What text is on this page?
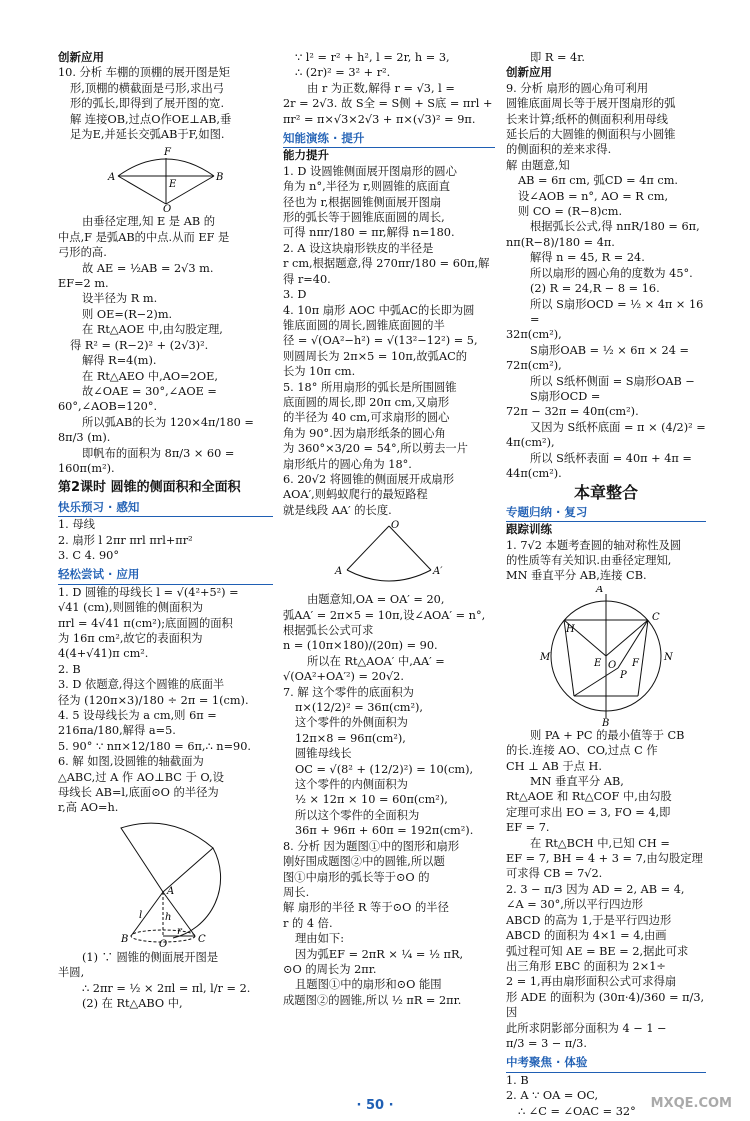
创新应用

10. 分析 车棚的顶棚的展开图是矩

形,顶棚的横截面是弓形,求出弓

形的弧长,即得到了展开图的宽.

解 连接OB,过点O作OE⊥AB,垂

足为E,并延长交弧AB于F,如图.

F
A
E
B
O

由垂径定理,知 E 是 AB 的

中点,F 是弧AB的中点.从而 EF 是

弓形的高.

故 AE = ½AB = 2√3 m.

EF=2 m.

设半径为 R m.

则 OE=(R−2)m.

在 Rt△AOE 中,由勾股定理,

得 R² = (R−2)² + (2√3)².

解得 R=4(m).

在 Rt△AEO 中,AO=2OE,

故∠OAE = 30°,∠AOE =

60°,∠AOB=120°.

所以弧AB的长为 120×4π/180 =

8π/3 (m).

即帆布的面积为 8π/3 × 60 =

160π(m²).

第2课时 圆锥的侧面积和全面积

快乐预习 · 感知

1. 母线

2. 扇形 l 2πr πrl πrl+πr²

3. C 4. 90°

轻松尝试 · 应用

1. D 圆锥的母线长 l = √(4²+5²) =

√41 (cm),则圆锥的侧面积为

πrl = 4√41 π(cm²);底面圆的面积

为 16π cm²,故它的表面积为

4(4+√41)π cm².

2. B

3. D 依题意,得这个圆锥的底面半

径为 (120π×3)/180 ÷ 2π = 1(cm).

4. 5 设母线长为 a cm,则 6π =

216πa/180,解得 a=5.

5. 90° ∵ nπ×12/180 = 6π,∴ n=90.

6. 解 如图,设圆锥的轴截面为

△ABC,过 A 作 AO⊥BC 于 O,设

母线长 AB=l,底面⊙O 的半径为

r,高 AO=h.

A
l h
B	O
r
C

(1) ∵ 圆锥的侧面展开图是

半圆,

∴ 2πr = ½ × 2πl = πl, l/r = 2.

(2) 在 Rt△ABO 中,

∵ l² = r² + h², l = 2r, h = 3,

∴ (2r)² = 3² + r².

由 r 为正数,解得 r = √3, l =

2r = 2√3. 故 S全 = S侧 + S底 = πrl +

πr² = π×√3×2√3 + π×(√3)² = 9π.

知能演练 · 提升

能力提升

1. D 设圆锥侧面展开图扇形的圆心

角为 n°,半径为 r,则圆锥的底面直

径也为 r,根据圆锥侧面展开图扇

形的弧长等于圆锥底面圆的周长,

可得 nπr/180 = πr,解得 n=180.

2. A 设这块扇形铁皮的半径是

r cm,根据题意,得 270πr/180 = 60π,解

得 r=40.

3. D

4. 10π 扇形 AOC 中弧AC的长即为圆

锥底面圆的周长,圆锥底面圆的半

径 = √(OA²−h²) = √(13²−12²) = 5,

则圆周长为 2π×5 = 10π,故弧AC的

长为 10π cm.

5. 18° 所用扇形的弧长是所围圆锥

底面圆的周长,即 20π cm,又扇形

的半径为 40 cm,可求扇形的圆心

角为 90°.因为扇形纸条的圆心角

为 360°×3/20 = 54°,所以剪去一片

扇形纸片的圆心角为 18°.

6. 20√2 将圆锥的侧面展开成扇形

AOA′,则蚂蚁爬行的最短路程

就是线段 AA′ 的长度.

O
A	A′

由题意知,OA = OA′ = 20,

弧AA′ = 2π×5 = 10π,设∠AOA′ = n°,

根据弧长公式可求

n = (10π×180)/(20π) = 90.

所以在 Rt△AOA′ 中,AA′ =

√(OA²+OA′²) = 20√2.

7. 解 这个零件的底面积为

π×(12/2)² = 36π(cm²),

这个零件的外侧面积为

12π×8 = 96π(cm²),

圆锥母线长

OC = √(8² + (12/2)²) = 10(cm),

这个零件的内侧面积为

½ × 12π × 10 = 60π(cm²),

所以这个零件的全面积为

36π + 96π + 60π = 192π(cm²).

8. 分析 因为题图①中的图形和扇形

刚好围成题图②中的圆锥,所以题

图①中扇形的弧长等于⊙O 的

周长.

解 扇形的半径 R 等于⊙O 的半径

r 的 4 倍.

理由如下:

因为弧EF = 2πR × ¼ = ½ πR,

⊙O 的周长为 2πr.

且题图①中的扇形和⊙O 能围

成题图②的圆锥,所以 ½ πR = 2πr.

即 R = 4r.

创新应用

9. 分析 扇形的圆心角可利用

圆锥底面周长等于展开图扇形的弧

长来计算;纸杯的侧面积利用母线

延长后的大圆锥的侧面积与小圆锥

的侧面积的差来求得.

解 由题意,知

AB = 6π cm, 弧CD = 4π cm.

设∠AOB = n°, AO = R cm,

则 CO = (R−8)cm.

根据弧长公式,得 nπR/180 = 6π,

nπ(R−8)/180 = 4π.

解得 n = 45, R = 24.

所以扇形的圆心角的度数为 45°.

(2) R = 24,R − 8 = 16.

所以 S扇形OCD = ½ × 4π × 16 =

32π(cm²),

S扇形OAB = ½ × 6π × 24 =

72π(cm²),

所以 S纸杯侧面 = S扇形OAB − S扇形OCD =

72π − 32π = 40π(cm²).

又因为 S纸杯底面 = π × (4/2)² =

4π(cm²),

所以 S纸杯表面 = 40π + 4π =

44π(cm²).

本章整合

专题归纳 · 复习

跟踪训练

1. 7√2 本题考查圆的轴对称性及圆

的性质等有关知识.由垂径定理知,

MN 垂直平分 AB,连接 CB.

A
H
C
M	N
E O
P
F
B

则 PA + PC 的最小值等于 CB

的长.连接 AO、CO,过点 C 作

CH ⊥ AB 于点 H.

MN 垂直平分 AB,

Rt△AOE 和 Rt△COF 中,由勾股

定理可求出 EO = 3, FO = 4,即

EF = 7.

在 Rt△BCH 中,已知 CH =

EF = 7, BH = 4 + 3 = 7,由勾股定理

可求得 CB = 7√2.

2. 3 − π/3 因为 AD = 2, AB = 4,

∠A = 30°,所以平行四边形

ABCD 的高为 1,于是平行四边形

ABCD 的面积为 4×1 = 4,由画

弧过程可知 AE = BE = 2,据此可求

出三角形 EBC 的面积为 2×1÷

2 = 1,再由扇形面积公式可求得扇

形 ADE 的面积为 (30π·4)/360 = π/3,因

此所求阴影部分面积为 4 − 1 −

π/3 = 3 − π/3.

中考聚焦 · 体验

1. B

2. A ∵ OA = OC,

∴ ∠C = ∠OAC = 32°

· 50 ·	MXQE.COM
